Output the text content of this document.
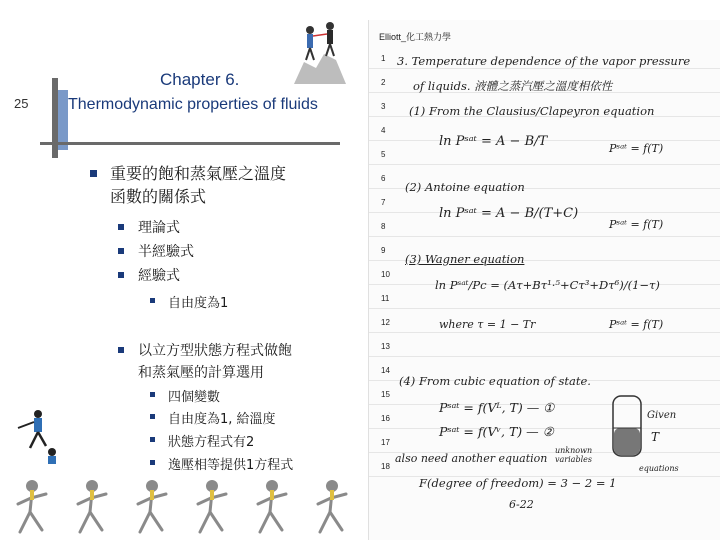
25
Chapter 6.
Thermodynamic properties of fluids
重要的飽和蒸氣壓之溫度
函數的關係式
理論式
半經驗式
經驗式
自由度為1
以立方型狀態方程式做飽
和蒸氣壓的計算選用
四個變數
自由度為1, 給溫度
狀態方程式有2
逸壓相等提供1方程式
Elliott_化工熱力學
1
2
3
4
5
6
7
8
9
10
11
12
13
14
15
16
17
18
3. Temperature dependence of the vapor pressure
of liquids. 液體之蒸汽壓之溫度相依性
(1) From the Clausius/Clapeyron equation
ln Pˢᵃᵗ = A − B/T	Pˢᵃᵗ = f(T)
(2) Antoine equation
ln Pˢᵃᵗ = A − B/(T+C)
Pˢᵃᵗ = f(T)
(3) Wagner equation
ln Pˢᵃᵗ/Pc = (Aτ+Bτ¹·⁵+Cτ³+Dτ⁶)/(1−τ)
where τ = 1 − Tr	Pˢᵃᵗ = f(T)
(4) From cubic equation of state.
Pˢᵃᵗ = f(Vᴸ, T) — ①
Pˢᵃᵗ = f(Vᵛ, T) — ②
Given
T
unknown variables
equations
also need another equation
F(degree of freedom) = 3 − 2 = 1
6-22
